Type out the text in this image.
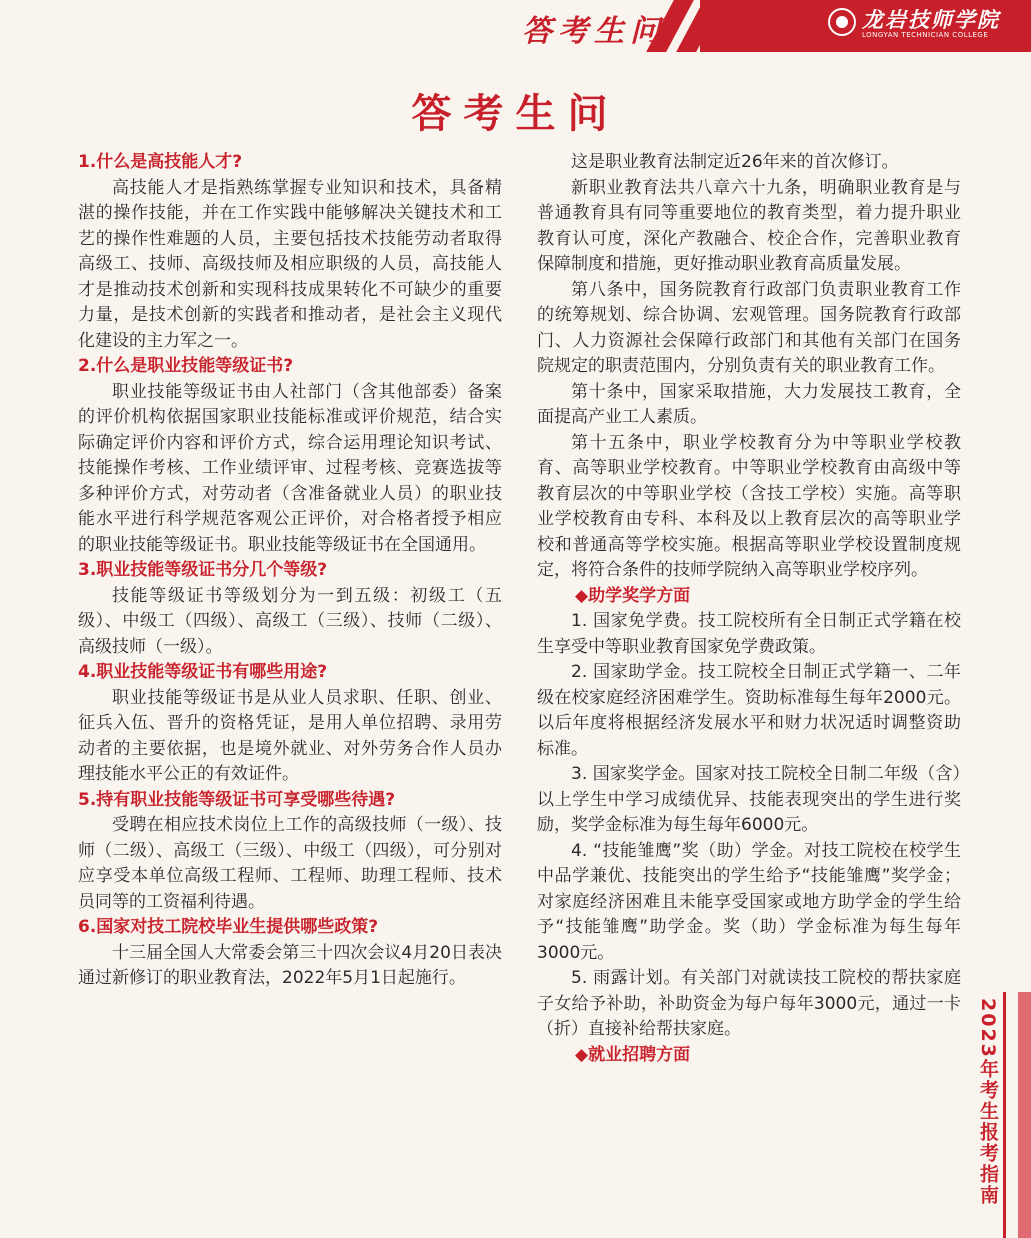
答考生问	龙岩技师学院
LONGYAN TECHNICIAN COLLEGE
答考生问
1.什么是高技能人才?
高技能人才是指熟练掌握专业知识和技术，具备精湛的操作技能，并在工作实践中能够解决关键技术和工艺的操作性难题的人员，主要包括技术技能劳动者取得高级工、技师、高级技师及相应职级的人员，高技能人才是推动技术创新和实现科技成果转化不可缺少的重要力量，是技术创新的实践者和推动者，是社会主义现代化建设的主力军之一。
2.什么是职业技能等级证书?
职业技能等级证书由人社部门（含其他部委）备案的评价机构依据国家职业技能标准或评价规范，结合实际确定评价内容和评价方式，综合运用理论知识考试、技能操作考核、工作业绩评审、过程考核、竞赛选拔等多种评价方式，对劳动者（含准备就业人员）的职业技能水平进行科学规范客观公正评价，对合格者授予相应的职业技能等级证书。职业技能等级证书在全国通用。
3.职业技能等级证书分几个等级?
技能等级证书等级划分为一到五级：初级工（五级）、中级工（四级）、高级工（三级）、技师（二级）、高级技师（一级）。
4.职业技能等级证书有哪些用途?
职业技能等级证书是从业人员求职、任职、创业、征兵入伍、晋升的资格凭证，是用人单位招聘、录用劳动者的主要依据，也是境外就业、对外劳务合作人员办理技能水平公正的有效证件。
5.持有职业技能等级证书可享受哪些待遇?
受聘在相应技术岗位上工作的高级技师（一级）、技师（二级）、高级工（三级）、中级工（四级），可分别对应享受本单位高级工程师、工程师、助理工程师、技术员同等的工资福利待遇。
6.国家对技工院校毕业生提供哪些政策?
十三届全国人大常委会第三十四次会议4月20日表决通过新修订的职业教育法，2022年5月1日起施行。
这是职业教育法制定近26年来的首次修订。
新职业教育法共八章六十九条，明确职业教育是与普通教育具有同等重要地位的教育类型，着力提升职业教育认可度，深化产教融合、校企合作，完善职业教育保障制度和措施，更好推动职业教育高质量发展。
第八条中，国务院教育行政部门负责职业教育工作的统筹规划、综合协调、宏观管理。国务院教育行政部门、人力资源社会保障行政部门和其他有关部门在国务院规定的职责范围内，分别负责有关的职业教育工作。
第十条中，国家采取措施，大力发展技工教育，全面提高产业工人素质。
第十五条中，职业学校教育分为中等职业学校教育、高等职业学校教育。中等职业学校教育由高级中等教育层次的中等职业学校（含技工学校）实施。高等职业学校教育由专科、本科及以上教育层次的高等职业学校和普通高等学校实施。根据高等职业学校设置制度规定，将符合条件的技师学院纳入高等职业学校序列。
◆助学奖学方面
1. 国家免学费。技工院校所有全日制正式学籍在校生享受中等职业教育国家免学费政策。
2. 国家助学金。技工院校全日制正式学籍一、二年级在校家庭经济困难学生。资助标准每生每年2000元。以后年度将根据经济发展水平和财力状况适时调整资助标准。
3. 国家奖学金。国家对技工院校全日制二年级（含）以上学生中学习成绩优异、技能表现突出的学生进行奖励，奖学金标准为每生每年6000元。
4. “技能雏鹰”奖（助）学金。对技工院校在校学生中品学兼优、技能突出的学生给予“技能雏鹰”奖学金；对家庭经济困难且未能享受国家或地方助学金的学生给予“技能雏鹰”助学金。奖（助）学金标准为每生每年3000元。
5. 雨露计划。有关部门对就读技工院校的帮扶家庭子女给予补助，补助资金为每户每年3000元，通过一卡（折）直接补给帮扶家庭。
◆就业招聘方面	2023年考生报考指南
